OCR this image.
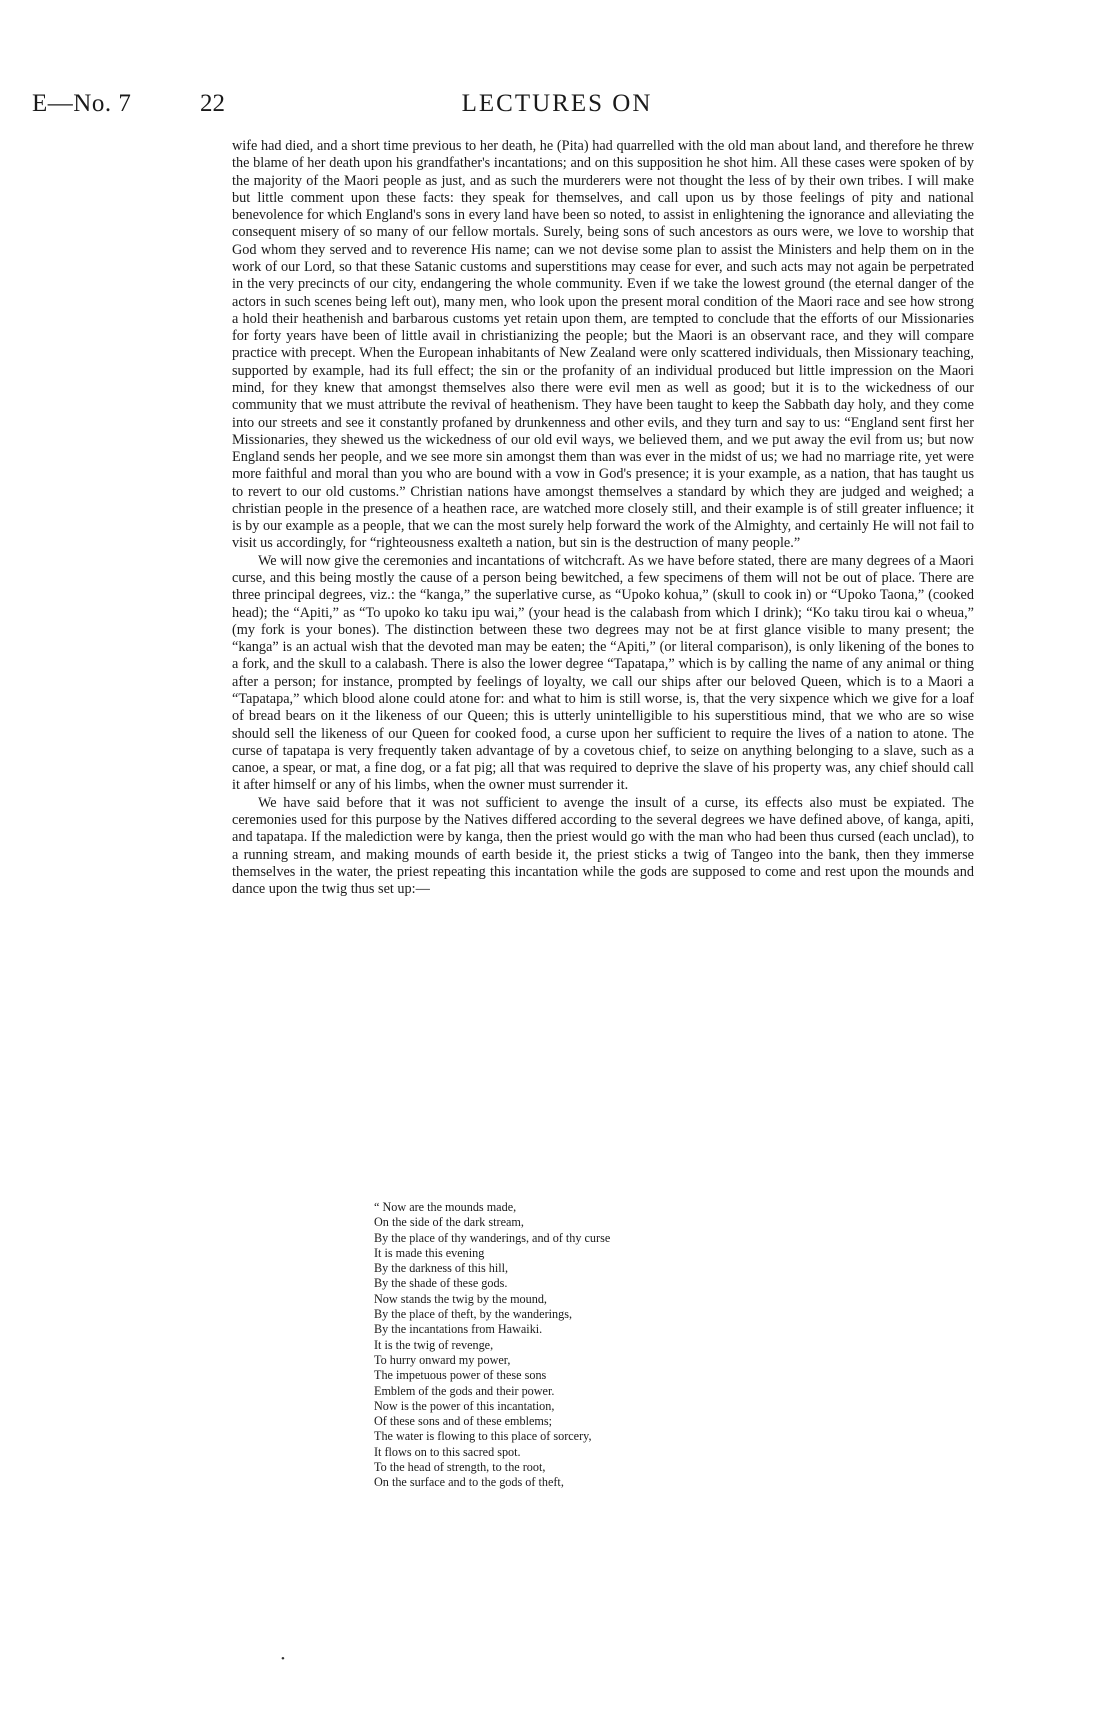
E—No. 7	22	LECTURES ON

wife had died, and a short time previous to her death, he (Pita) had quarrelled with the old man about land, and therefore he threw the blame of her death upon his grandfather's incantations; and on this supposition he shot him. All these cases were spoken of by the majority of the Maori people as just, and as such the murderers were not thought the less of by their own tribes. I will make but little comment upon these facts: they speak for themselves, and call upon us by those feelings of pity and national benevolence for which England's sons in every land have been so noted, to assist in enlightening the ignorance and alleviating the consequent misery of so many of our fellow mortals. Surely, being sons of such ancestors as ours were, we love to worship that God whom they served and to reverence His name; can we not devise some plan to assist the Ministers and help them on in the work of our Lord, so that these Satanic customs and superstitions may cease for ever, and such acts may not again be perpetrated in the very precincts of our city, endangering the whole community. Even if we take the lowest ground (the eternal danger of the actors in such scenes being left out), many men, who look upon the present moral condition of the Maori race and see how strong a hold their heathenish and barbarous customs yet retain upon them, are tempted to conclude that the efforts of our Missionaries for forty years have been of little avail in christianizing the people; but the Maori is an observant race, and they will compare practice with precept. When the European inhabitants of New Zealand were only scattered individuals, then Missionary teaching, supported by example, had its full effect; the sin or the profanity of an individual produced but little impression on the Maori mind, for they knew that amongst themselves also there were evil men as well as good; but it is to the wickedness of our community that we must attribute the revival of heathenism. They have been taught to keep the Sabbath day holy, and they come into our streets and see it constantly profaned by drunkenness and other evils, and they turn and say to us: “England sent first her Missionaries, they shewed us the wickedness of our old evil ways, we believed them, and we put away the evil from us; but now England sends her people, and we see more sin amongst them than was ever in the midst of us; we had no marriage rite, yet were more faithful and moral than you who are bound with a vow in God's presence; it is your example, as a nation, that has taught us to revert to our old customs.” Christian nations have amongst themselves a standard by which they are judged and weighed; a christian people in the presence of a heathen race, are watched more closely still, and their example is of still greater influence; it is by our example as a people, that we can the most surely help forward the work of the Almighty, and certainly He will not fail to visit us accordingly, for “righteousness exalteth a nation, but sin is the destruction of many people.”

We will now give the ceremonies and incantations of witchcraft. As we have before stated, there are many degrees of a Maori curse, and this being mostly the cause of a person being bewitched, a few specimens of them will not be out of place. There are three principal degrees, viz.: the “kanga,” the superlative curse, as “Upoko kohua,” (skull to cook in) or “Upoko Taona,” (cooked head); the “Apiti,” as “To upoko ko taku ipu wai,” (your head is the calabash from which I drink); “Ko taku tirou kai o wheua,” (my fork is your bones). The distinction between these two degrees may not be at first glance visible to many present; the “kanga” is an actual wish that the devoted man may be eaten; the “Apiti,” (or literal comparison), is only likening of the bones to a fork, and the skull to a calabash. There is also the lower degree “Tapatapa,” which is by calling the name of any animal or thing after a person; for instance, prompted by feelings of loyalty, we call our ships after our beloved Queen, which is to a Maori a “Tapatapa,” which blood alone could atone for: and what to him is still worse, is, that the very sixpence which we give for a loaf of bread bears on it the likeness of our Queen; this is utterly unintelligible to his superstitious mind, that we who are so wise should sell the likeness of our Queen for cooked food, a curse upon her sufficient to require the lives of a nation to atone. The curse of tapatapa is very frequently taken advantage of by a covetous chief, to seize on anything belonging to a slave, such as a canoe, a spear, or mat, a fine dog, or a fat pig; all that was required to deprive the slave of his property was, any chief should call it after himself or any of his limbs, when the owner must surrender it.

We have said before that it was not sufficient to avenge the insult of a curse, its effects also must be expiated. The ceremonies used for this purpose by the Natives differed according to the several degrees we have defined above, of kanga, apiti, and tapatapa. If the malediction were by kanga, then the priest would go with the man who had been thus cursed (each unclad), to a running stream, and making mounds of earth beside it, the priest sticks a twig of Tangeo into the bank, then they immerse themselves in the water, the priest repeating this incantation while the gods are supposed to come and rest upon the mounds and dance upon the twig thus set up:—

“ Now are the mounds made,
On the side of the dark stream,
By the place of thy wanderings, and of thy curse
It is made this evening
By the darkness of this hill,
By the shade of these gods.
Now stands the twig by the mound,
By the place of theft, by the wanderings,
By the incantations from Hawaiki.
It is the twig of revenge,
To hurry onward my power,
The impetuous power of these sons
Emblem of the gods and their power.
Now is the power of this incantation,
Of these sons and of these emblems;
The water is flowing to this place of sorcery,
It flows on to this sacred spot.
To the head of strength, to the root,
On the surface and to the gods of theft,
•
